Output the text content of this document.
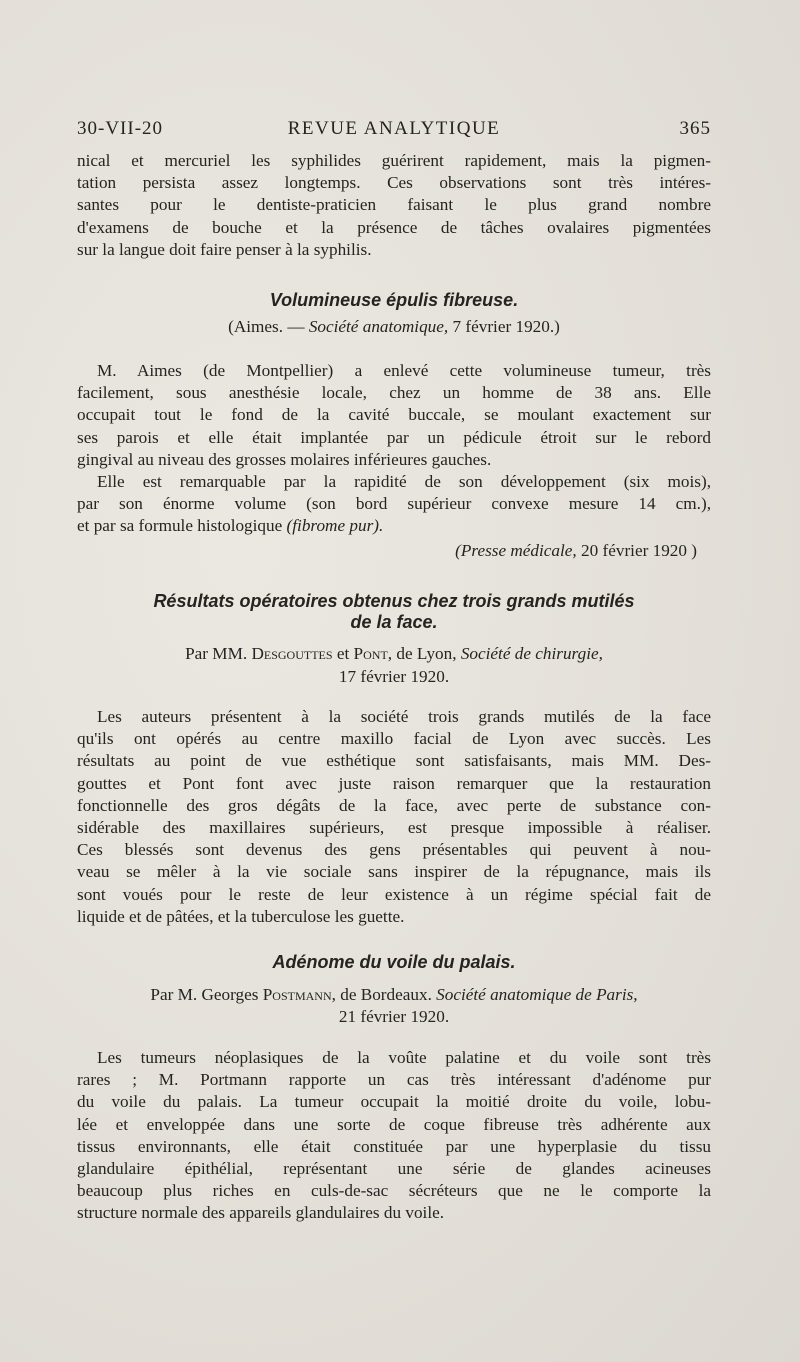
30-VII-20	REVUE ANALYTIQUE	365
nical et mercuriel les syphilides guérirent rapidement, mais la pigmen-
tation persista assez longtemps. Ces observations sont très intéres-
santes pour le dentiste-praticien faisant le plus grand nombre
d'examens de bouche et la présence de tâches ovalaires pigmentées
sur la langue doit faire penser à la syphilis.
Volumineuse épulis fibreuse.
(Aimes. — Société anatomique, 7 février 1920.)
M. Aimes (de Montpellier) a enlevé cette volumineuse tumeur, très
facilement, sous anesthésie locale, chez un homme de 38 ans. Elle
occupait tout le fond de la cavité buccale, se moulant exactement sur
ses parois et elle était implantée par un pédicule étroit sur le rebord
gingival au niveau des grosses molaires inférieures gauches.
Elle est remarquable par la rapidité de son développement (six mois),
par son énorme volume (son bord supérieur convexe mesure 14 cm.),
et par sa formule histologique (fibrome pur).
(Presse médicale, 20 février 1920 )
Résultats opératoires obtenus chez trois grands mutilés
de la face.
Par MM. Desgouttes et Pont, de Lyon, Société de chirurgie,
17 février 1920.
Les auteurs présentent à la société trois grands mutilés de la face
qu'ils ont opérés au centre maxillo facial de Lyon avec succès. Les
résultats au point de vue esthétique sont satisfaisants, mais MM. Des-
gouttes et Pont font avec juste raison remarquer que la restauration
fonctionnelle des gros dégâts de la face, avec perte de substance con-
sidérable des maxillaires supérieurs, est presque impossible à réaliser.
Ces blessés sont devenus des gens présentables qui peuvent à nou-
veau se mêler à la vie sociale sans inspirer de la répugnance, mais ils
sont voués pour le reste de leur existence à un régime spécial fait de
liquide et de pâtées, et la tuberculose les guette.
Adénome du voile du palais.
Par M. Georges Postmann, de Bordeaux. Société anatomique de Paris,
21 février 1920.
Les tumeurs néoplasiques de la voûte palatine et du voile sont très
rares ; M. Portmann rapporte un cas très intéressant d'adénome pur
du voile du palais. La tumeur occupait la moitié droite du voile, lobu-
lée et enveloppée dans une sorte de coque fibreuse très adhérente aux
tissus environnants, elle était constituée par une hyperplasie du tissu
glandulaire épithélial, représentant une série de glandes acineuses
beaucoup plus riches en culs-de-sac sécréteurs que ne le comporte la
structure normale des appareils glandulaires du voile.
